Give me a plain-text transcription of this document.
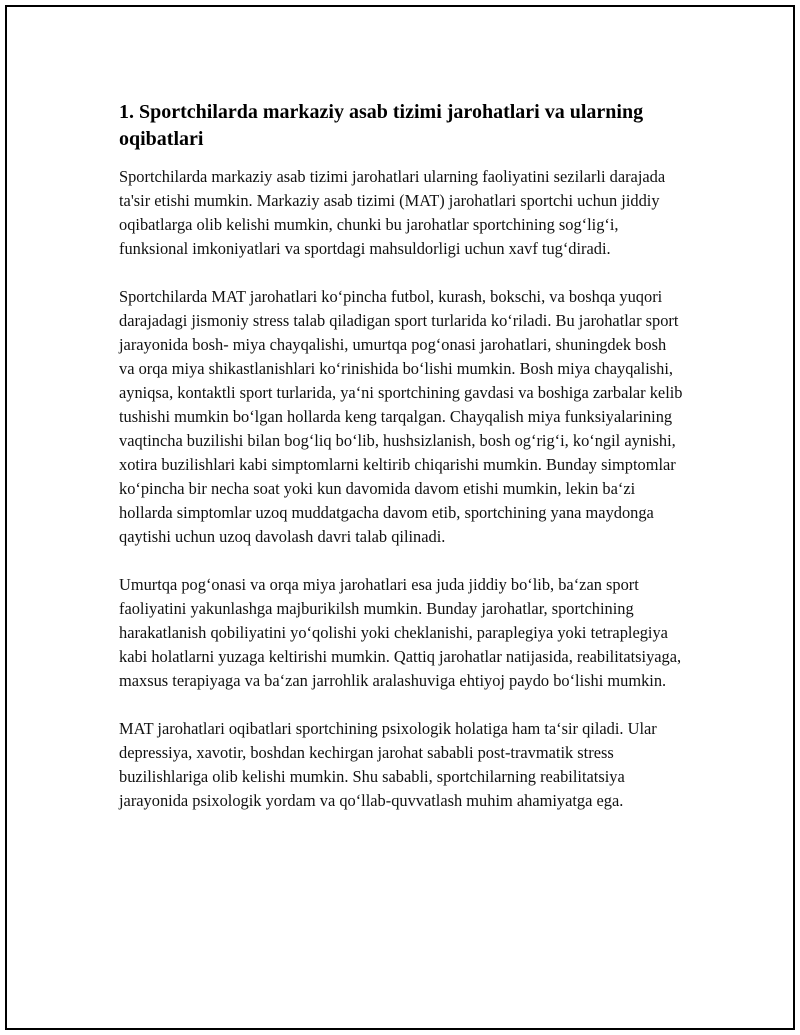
1. Sportchilarda markaziy asab tizimi jarohatlari va ularning oqibatlari

Sportchilarda markaziy asab tizimi jarohatlari ularning faoliyatini sezilarli darajada ta'sir etishi mumkin. Markaziy asab tizimi (MAT) jarohatlari sportchi uchun jiddiy oqibatlarga olib kelishi mumkin, chunki bu jarohatlar sportchining sog‘lig‘i, funksional imkoniyatlari va sportdagi mahsuldorligi uchun xavf tug‘diradi.

Sportchilarda MAT jarohatlari ko‘pincha futbol, kurash, bokschi, va boshqa yuqori darajadagi jismoniy stress talab qiladigan sport turlarida ko‘riladi. Bu jarohatlar sport jarayonida bosh- miya chayqalishi, umurtqa pog‘onasi jarohatlari, shuningdek bosh va orqa miya shikastlanishlari ko‘rinishida bo‘lishi mumkin. Bosh miya chayqalishi, ayniqsa, kontaktli sport turlarida, ya‘ni sportchining gavdasi va boshiga zarbalar kelib tushishi mumkin bo‘lgan hollarda keng tarqalgan. Chayqalish miya funksiyalarining vaqtincha buzilishi bilan bog‘liq bo‘lib, hushsizlanish, bosh og‘rig‘i, ko‘ngil aynishi, xotira buzilishlari kabi simptomlarni keltirib chiqarishi mumkin. Bunday simptomlar ko‘pincha bir necha soat yoki kun davomida davom etishi mumkin, lekin ba‘zi hollarda simptomlar uzoq muddatgacha davom etib, sportchining yana maydonga qaytishi uchun uzoq davolash davri talab qilinadi.

Umurtqa pog‘onasi va orqa miya jarohatlari esa juda jiddiy bo‘lib, ba‘zan sport faoliyatini yakunlashga majburikilsh mumkin. Bunday jarohatlar, sportchining harakatlanish qobiliyatini yo‘qolishi yoki cheklanishi, paraplegiya yoki tetraplegiya kabi holatlarni yuzaga keltirishi mumkin. Qattiq jarohatlar natijasida, reabilitatsiyaga, maxsus terapiyaga va ba‘zan jarrohlik aralashuviga ehtiyoj paydo bo‘lishi mumkin.

MAT jarohatlari oqibatlari sportchining psixologik holatiga ham ta‘sir qiladi. Ular depressiya, xavotir, boshdan kechirgan jarohat sababli post-travmatik stress buzilishlariga olib kelishi mumkin. Shu sababli, sportchilarning reabilitatsiya jarayonida psixologik yordam va qo‘llab-quvvatlash muhim ahamiyatga ega.
